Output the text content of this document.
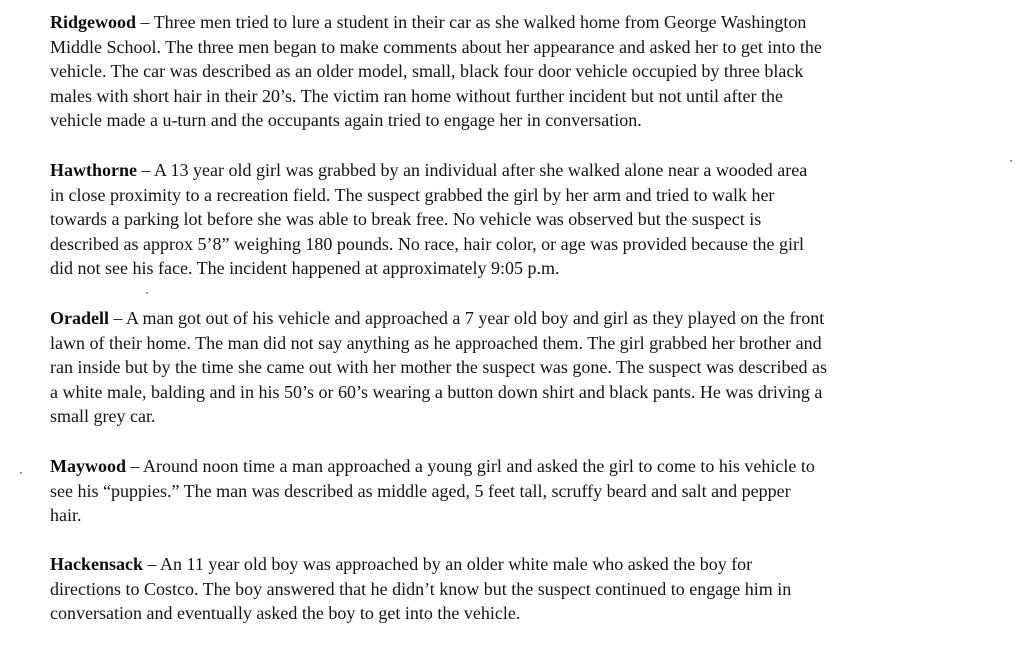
Ridgewood – Three men tried to lure a student in their car as she walked home from George Washington
Middle School. The three men began to make comments about her appearance and asked her to get into the
vehicle. The car was described as an older model, small, black four door vehicle occupied by three black
males with short hair in their 20’s. The victim ran home without further incident but not until after the
vehicle made a u-turn and the occupants again tried to engage her in conversation.

Hawthorne – A 13 year old girl was grabbed by an individual after she walked alone near a wooded area
in close proximity to a recreation field. The suspect grabbed the girl by her arm and tried to walk her
towards a parking lot before she was able to break free. No vehicle was observed but the suspect is
described as approx 5’8” weighing 180 pounds. No race, hair color, or age was provided because the girl
did not see his face. The incident happened at approximately 9:05 p.m.

Oradell – A man got out of his vehicle and approached a 7 year old boy and girl as they played on the front
lawn of their home. The man did not say anything as he approached them. The girl grabbed her brother and
ran inside but by the time she came out with her mother the suspect was gone. The suspect was described as
a white male, balding and in his 50’s or 60’s wearing a button down shirt and black pants. He was driving a
small grey car.

Maywood – Around noon time a man approached a young girl and asked the girl to come to his vehicle to
see his “puppies.” The man was described as middle aged, 5 feet tall, scruffy beard and salt and pepper
hair.

Hackensack – An 11 year old boy was approached by an older white male who asked the boy for
directions to Costco. The boy answered that he didn’t know but the suspect continued to engage him in
conversation and eventually asked the boy to get into the vehicle.
